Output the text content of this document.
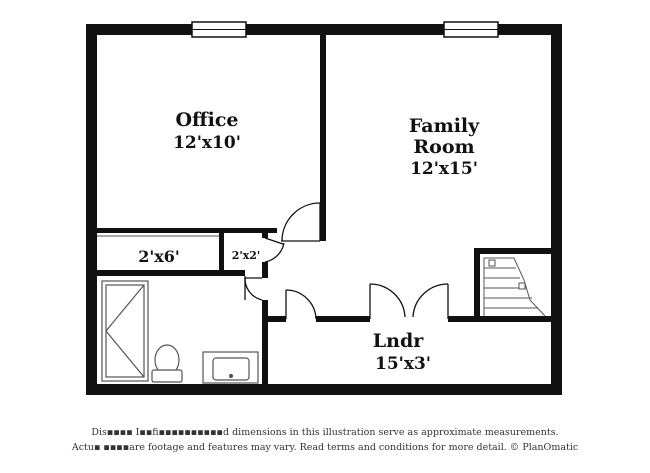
Office
12'x10'
Family
Room
12'x15'
2'x6'	2'x2'
Lndr
15'x3'
Dis▪▪▪▪ I▪▪fi▪▪▪▪▪▪▪▪▪▪d dimensions in this illustration serve as approximate measurements.
Actu▪ ▪▪▪▪are footage and features may vary. Read terms and conditions for more detail. © PlanOmatic
